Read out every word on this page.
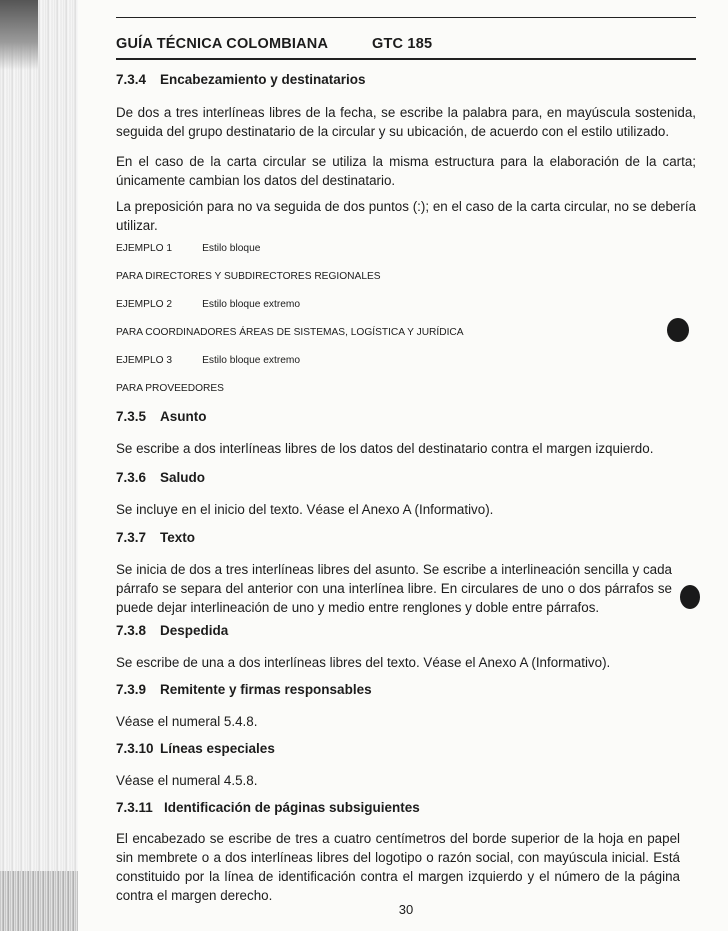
GUÍA TÉCNICA COLOMBIANA	GTC 185
7.3.4 Encabezamiento y destinatarios

De dos a tres interlíneas libres de la fecha, se escribe la palabra para, en mayúscula sostenida, seguida del grupo destinatario de la circular y su ubicación, de acuerdo con el estilo utilizado.

En el caso de la carta circular se utiliza la misma estructura para la elaboración de la carta; únicamente cambian los datos del destinatario.

La preposición para no va seguida de dos puntos (:); en el caso de la carta circular, no se debería utilizar.

EJEMPLO 1	Estilo bloque
PARA DIRECTORES Y SUBDIRECTORES REGIONALES
EJEMPLO 2	Estilo bloque extremo
PARA COORDINADORES ÁREAS DE SISTEMAS, LOGÍSTICA Y JURÍDICA
EJEMPLO 3	Estilo bloque extremo
PARA PROVEEDORES
7.3.5 Asunto

Se escribe a dos interlíneas libres de los datos del destinatario contra el margen izquierdo.

7.3.6 Saludo

Se incluye en el inicio del texto. Véase el Anexo A (Informativo).

7.3.7 Texto

Se inicia de dos a tres interlíneas libres del asunto. Se escribe a interlineación sencilla y cada párrafo se separa del anterior con una interlínea libre. En circulares de uno o dos párrafos se puede dejar interlineación de uno y medio entre renglones y doble entre párrafos.

7.3.8 Despedida

Se escribe de una a dos interlíneas libres del texto. Véase el Anexo A (Informativo).

7.3.9 Remitente y firmas responsables

Véase el numeral 5.4.8.

7.3.10 Líneas especiales

Véase el numeral 4.5.8.

7.3.11 Identificación de páginas subsiguientes

El encabezado se escribe de tres a cuatro centímetros del borde superior de la hoja en papel sin membrete o a dos interlíneas libres del logotipo o razón social, con mayúscula inicial. Está constituido por la línea de identificación contra el margen izquierdo y el número de la página contra el margen derecho.

30
